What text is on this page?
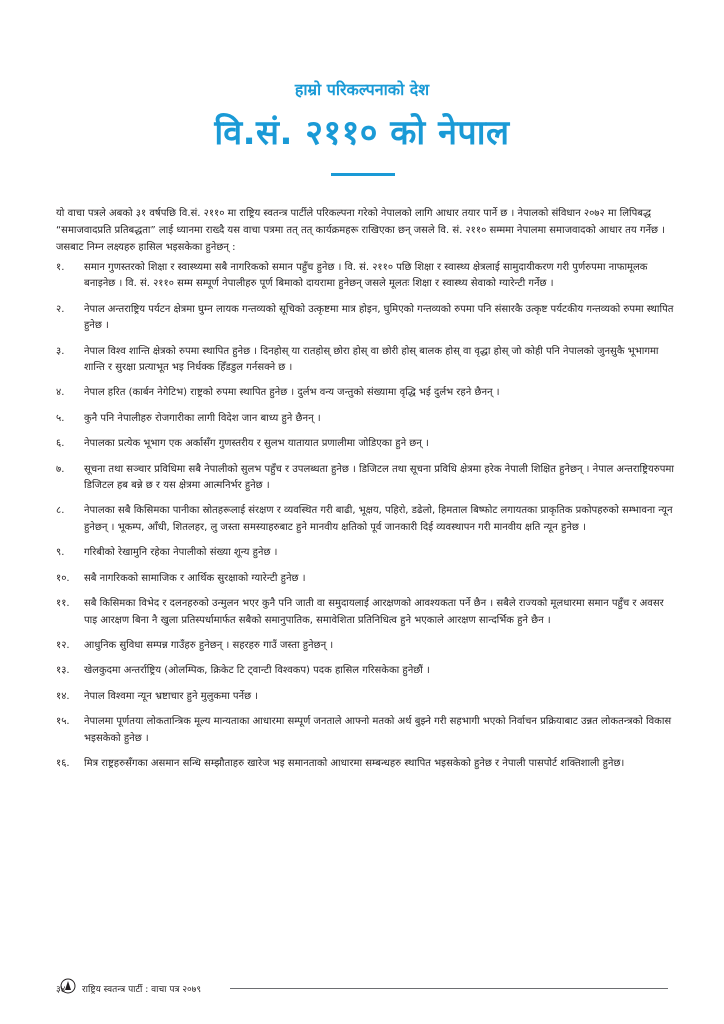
हाम्रो परिकल्पनाको देश
वि.सं. २११० को नेपाल

यो वाचा पत्रले अबको ३१ वर्षपछि वि.सं. २११० मा राष्ट्रिय स्वतन्त्र पार्टीले परिकल्पना गरेको नेपालको लागि आधार तयार पार्ने छ । नेपालको संविधान २०७२ मा लिपिबद्ध “समाजवादप्रति प्रतिबद्धता” लाई ध्यानमा राख्दै यस वाचा पत्रमा तत् तत् कार्यक्रमहरू राखिएका छन् जसले वि. सं. २११० सम्ममा नेपालमा समाजवादको आधार तय गर्नेछ । जसबाट निम्न लक्ष्यहरु हासिल भइसकेका हुनेछन् :

१. समान गुणस्तरको शिक्षा र स्वास्थ्यमा सबै नागरिकको समान पहुँच हुनेछ । वि. सं. २११० पछि शिक्षा र स्वास्थ्य क्षेत्रलाई सामुदायीकरण गरी पुर्णरुपमा नाफामूलक बनाइनेछ । वि. सं. २११० सम्म सम्पूर्ण नेपालीहरु पूर्ण बिमाको दायरामा हुनेछन् जसले मूलतः शिक्षा र स्वास्थ्य सेवाको ग्यारेन्टी गर्नेछ ।
२. नेपाल अन्तराष्ट्रिय पर्यटन क्षेत्रमा घुम्न लायक गन्तव्यको सूचिको उत्कृष्टमा मात्र होइन, घुमिएको गन्तव्यको रुपमा पनि संसारकै उत्कृष्ट पर्यटकीय गन्तव्यको रुपमा स्थापित हुनेछ ।
३. नेपाल विश्व शान्ति क्षेत्रको रुपमा स्थापित हुनेछ । दिनहोस् या रातहोस् छोरा होस् वा छोरी होस् बालक होस् वा वृद्धा होस् जो कोही पनि नेपालको जुनसुकै भूभागमा शान्ति र सुरक्षा प्रत्याभूत भइ निर्धक्क हिँडडुल गर्नसक्ने छ ।
४. नेपाल हरित (कार्बन नेगेटिभ) राष्ट्रको रुपमा स्थापित हुनेछ । दुर्लभ वन्य जन्तुको संख्यामा वृद्धि भई दुर्लभ रहने छैनन् ।
५. कुनै पनि नेपालीहरु रोजगारीका लागी विदेश जान बाध्य हुने छैनन् ।
६. नेपालका प्रत्येक भूभाग एक अर्कासँग गुणस्तरीय र सुलभ यातायात प्रणालीमा जोडिएका हुने छन् ।
७. सूचना तथा सञ्चार प्रविधिमा सबै नेपालीको सुलभ पहुँच र उपलब्धता हुनेछ । डिजिटल तथा सूचना प्रविधि क्षेत्रमा हरेक नेपाली शिक्षित हुनेछन् । नेपाल अन्तराष्ट्रियरुपमा डिजिटल हब बन्ने छ र यस क्षेत्रमा आत्मनिर्भर हुनेछ ।
८. नेपालका सबै किसिमका पानीका स्रोतहरूलाई संरक्षण र व्यवस्थित गरी बाढी, भूक्षय, पहिरो, डढेलो, हिमताल बिष्फोट लगायतका प्राकृतिक प्रकोपहरुको सम्भावना न्यून हुनेछन् । भूकम्प, आँधी, शितलहर, लु जस्ता समस्याहरुबाट हुने मानवीय क्षतिको पूर्व जानकारी दिई व्यवस्थापन गरी मानवीय क्षति न्यून हुनेछ ।
९. गरिबीको रेखामुनि रहेका नेपालीको संख्या शून्य हुनेछ ।
१०. सबै नागरिकको सामाजिक र आर्थिक सुरक्षाको ग्यारेन्टी हुनेछ ।
११. सबै किसिमका विभेद र दलनहरुको उन्मुलन भएर कुनै पनि जाती वा समुदायलाई आरक्षणको आवश्यकता पर्ने छैन । सबैले राज्यको मूलधारमा समान पहुँच र अवसर पाइ आरक्षण बिना नै खुला प्रतिस्पर्धामार्फत सबैको समानुपातिक, समावेशिता प्रतिनिधित्व हुने भएकाले आरक्षण सान्दर्भिक हुने छैन ।
१२. आधुनिक सुविधा सम्पन्न गाउँहरु हुनेछन् । सहरहरु गाउँ जस्ता हुनेछन् ।
१३. खेलकुदमा अन्तर्राष्ट्रिय (ओलम्पिक, क्रिकेट टि ट्वान्टी विश्वकप) पदक हासिल गरिसकेका हुनेछौं ।
१४. नेपाल विश्वमा न्यून भ्रष्टाचार हुने मुलुकमा पर्नेछ ।
१५. नेपालमा पूर्णतया लोकतान्त्रिक मूल्य मान्यताका आधारमा सम्पूर्ण जनताले आफ्नो मतको अर्थ बुझ्ने गरी सहभागी भएको निर्वाचन प्रक्रियाबाट उन्नत लोकतन्त्रको विकास भइसकेको हुनेछ ।
१६. मित्र राष्ट्रहरुसँगका असमान सन्धि सम्झौताहरु खारेज भइ समानताको आधारमा सम्बन्धहरु स्थापित भइसकेको हुनेछ र नेपाली पासपोर्ट शक्तिशाली हुनेछ।
३४ राष्ट्रिय स्वतन्त्र पार्टी : वाचा पत्र २०७९
